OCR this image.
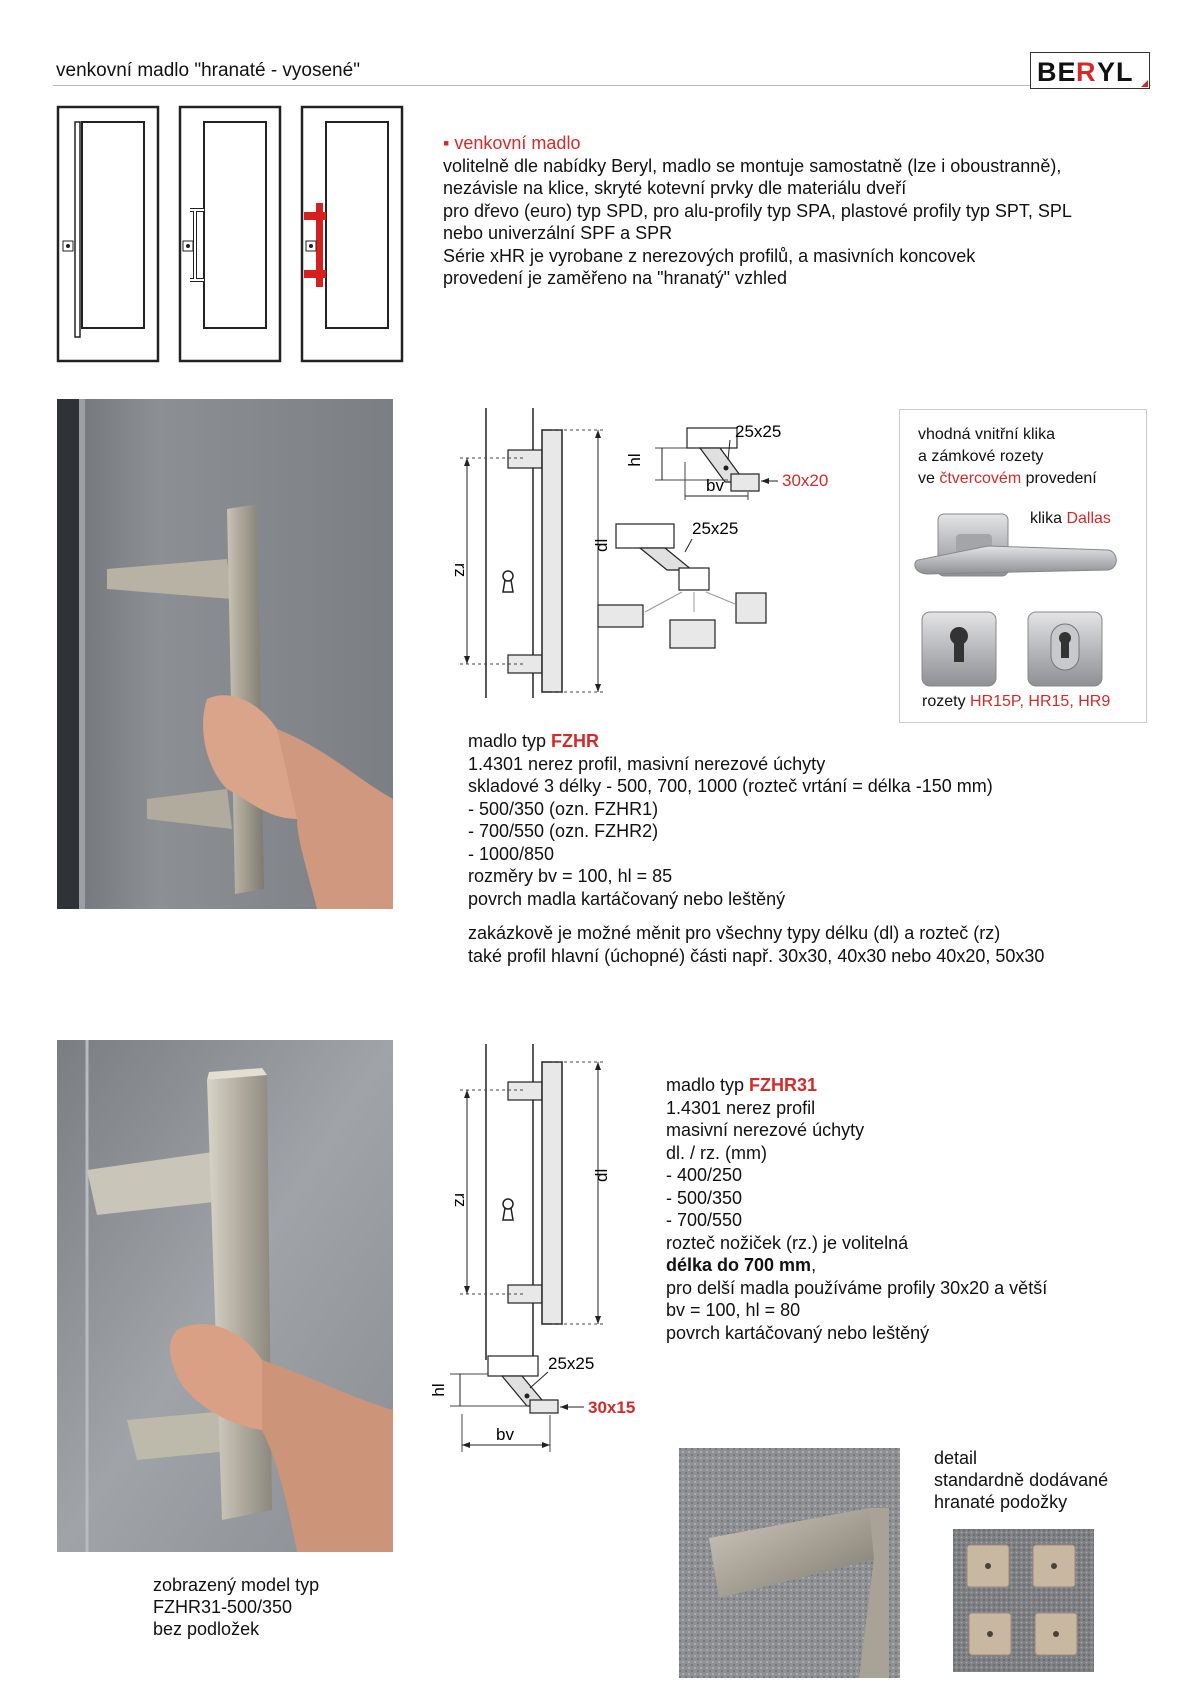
venkovní madlo "hranaté - vyosené"	BE R YL
▪ venkovní madlo
volitelně dle nabídky Beryl, madlo se montuje samostatně (lze i oboustranně),
nezávisle na klice, skryté kotevní prvky dle materiálu dveří
pro dřevo (euro) typ SPD, pro alu-profily typ SPA, plastové profily typ SPT, SPL
nebo univerzální SPF a SPR
Série xHR je vyrobane z nerezových profilů, a masivních koncovek
provedení je zaměřeno na "hranatý" vzhled
rz
dl
25x25
30x20
hl
bv
25x25
vhodná vnitřní klika
a zámkové rozety
ve čtvercovém provedení
klika Dallas
rozety HR15P, HR15, HR9
madlo typ FZHR
1.4301 nerez profil, masivní nerezové úchyty
skladové 3 délky - 500, 700, 1000 (rozteč vrtání = délka -150 mm)
- 500/350 (ozn. FZHR1)
- 700/550 (ozn. FZHR2)
- 1000/850
rozměry bv = 100, hl = 85
povrch madla kartáčovaný nebo leštěný
zakázkově je možné měnit pro všechny typy délku (dl) a rozteč (rz)
také profil hlavní (úchopné) části např. 30x30, 40x30 nebo 40x20, 50x30
zobrazený model typ
FZHR31-500/350
bez podložek
rz
dl
25x25
30x15
hl
bv
madlo typ FZHR31
1.4301 nerez profil
masivní nerezové úchyty
dl. / rz. (mm)
- 400/250
- 500/350
- 700/550
rozteč nožiček (rz.) je volitelná
délka do 700 mm,
pro delší madla používáme profily 30x20 a větší
bv = 100, hl = 80
povrch kartáčovaný nebo leštěný
detail
standardně dodávané
hranaté podožky
